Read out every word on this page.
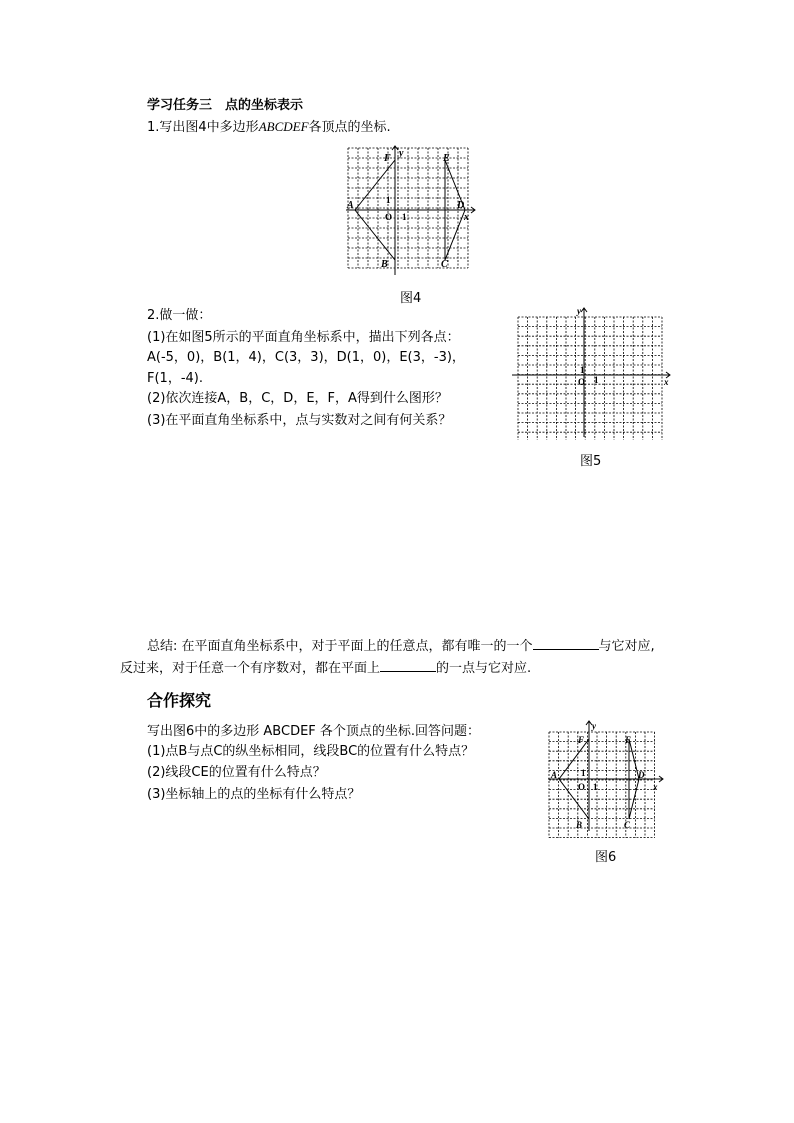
学习任务三　点的坐标表示
1.写出图4中多边形ABCDEF各顶点的坐标.
F y	E
A	D
x
B	C
1
O 1
图4
2.做一做：
(1)在如图5所示的平面直角坐标系中，描出下列各点：
A(-5，0)，B(1，4)，C(3，3)，D(1，0)，E(3，-3)，
F(1，-4).
(2)依次连接A，B，C，D，E，F，A得到什么图形？
(3)在平面直角坐标系中，点与实数对之间有何关系？
y
x
1
O 1
图5
总结: 在平面直角坐标系中，对于平面上的任意点，都有唯一的一个	与它对应,
反过来，对于任意一个有序数对，都在平面上	的一点与它对应.
合作探究
写出图6中的多边形 ABCDEF 各个顶点的坐标.回答问题：
(1)点B与点C的纵坐标相同，线段BC的位置有什么特点？
(2)线段CE的位置有什么特点？
(3)坐标轴上的点的坐标有什么特点？
F
y
E
A	D
x
B	C
1
O 1
图6
